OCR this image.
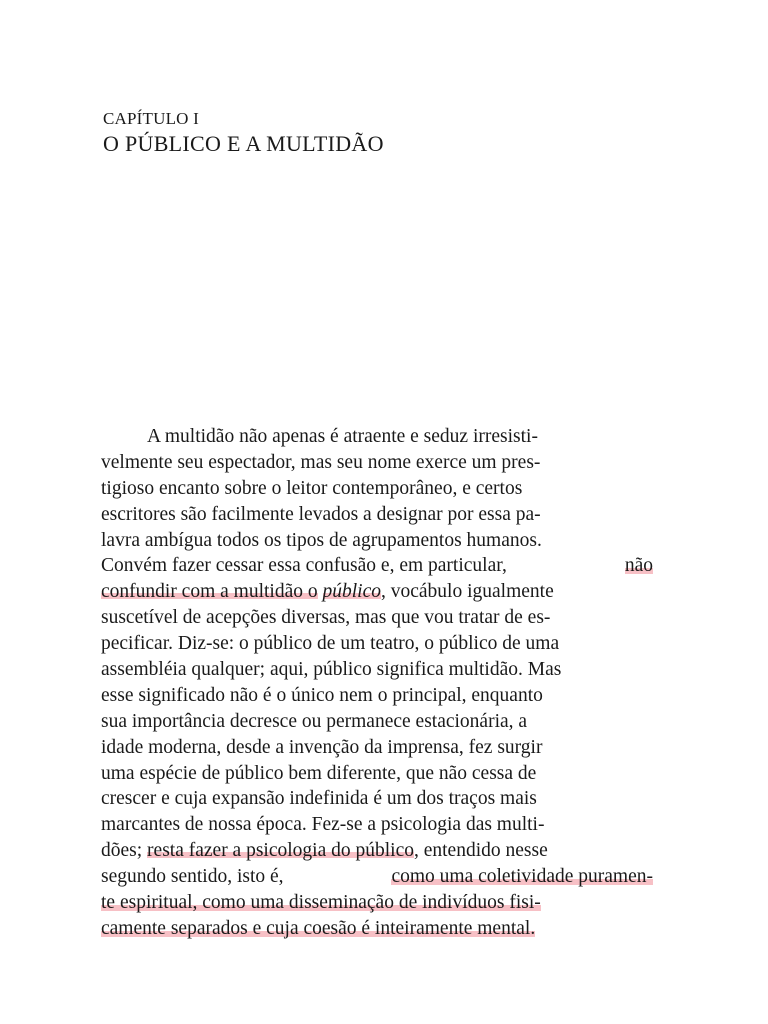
CAPÍTULO I
O PÚBLICO E A MULTIDÃO
A multidão não apenas é atraente e seduz irresisti-
velmente seu espectador, mas seu nome exerce um pres-
tigioso encanto sobre o leitor contemporâneo, e certos
escritores são facilmente levados a designar por essa pa-
lavra ambígua todos os tipos de agrupamentos humanos.
Convém fazer cessar essa confusão e, em particular,	não
confundir com a multidão o público, vocábulo igualmente
suscetível de acepções diversas, mas que vou tratar de es-
pecificar. Diz-se: o público de um teatro, o público de uma
assembléia qualquer; aqui, público significa multidão. Mas
esse significado não é o único nem o principal, enquanto
sua importância decresce ou permanece estacionária, a
idade moderna, desde a invenção da imprensa, fez surgir
uma espécie de público bem diferente, que não cessa de
crescer e cuja expansão indefinida é um dos traços mais
marcantes de nossa época. Fez-se a psicologia das multi-
dões; resta fazer a psicologia do público, entendido nesse
segundo sentido, isto é,	como uma coletividade puramen-
te espiritual, como uma disseminação de indivíduos fisi-
camente separados e cuja coesão é inteiramente mental.
